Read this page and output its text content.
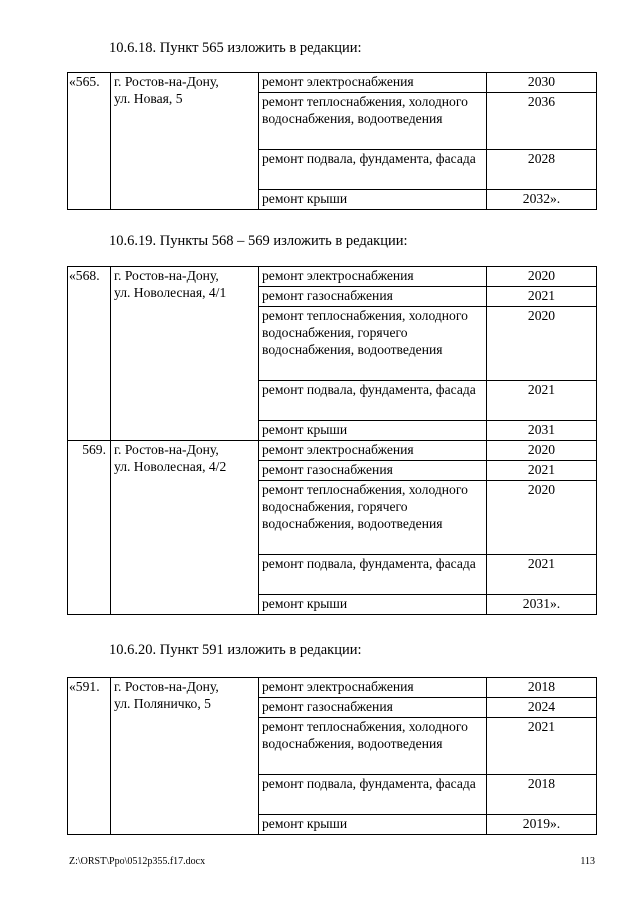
10.6.18. Пункт 565 изложить в редакции:
«565.	г. Ростов-на-Дону,
ул. Новая, 5	ремонт электроснабжения	2030
		ремонт теплоснабжения, холодного водоснабжения, водоотведения	2036
		ремонт подвала, фундамента, фасада	2028
		ремонт крыши	2032».
10.6.19. Пункты 568 – 569 изложить в редакции:
«568.	г. Ростов-на-Дону,
ул. Новолесная, 4/1	ремонт электроснабжения	2020
		ремонт газоснабжения	2021
		ремонт теплоснабжения, холодного водоснабжения, горячего водоснабжения, водоотведения	2020
		ремонт подвала, фундамента, фасада	2021
		ремонт крыши	2031
569.	г. Ростов-на-Дону,
ул. Новолесная, 4/2	ремонт электроснабжения	2020
		ремонт газоснабжения	2021
		ремонт теплоснабжения, холодного водоснабжения, горячего водоснабжения, водоотведения	2020
		ремонт подвала, фундамента, фасада	2021
		ремонт крыши	2031».
10.6.20. Пункт 591 изложить в редакции:
«591.	г. Ростов-на-Дону,
ул. Поляничко, 5	ремонт электроснабжения	2018
		ремонт газоснабжения	2024
		ремонт теплоснабжения, холодного водоснабжения, водоотведения	2021
		ремонт подвала, фундамента, фасада	2018
		ремонт крыши	2019».
Z:\ORST\Ppo\0512p355.f17.docx	113
